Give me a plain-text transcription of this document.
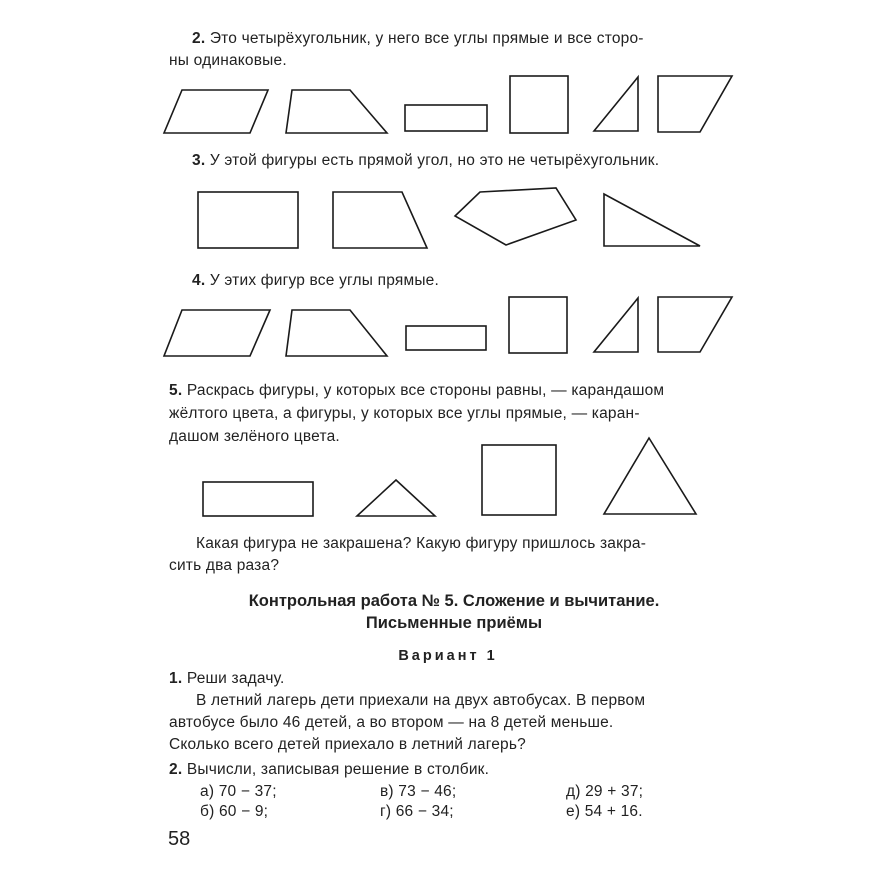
2. Это четырёхугольник, у него все углы прямые и все сторо-
ны одинаковые.
3. У этой фигуры есть прямой угол, но это не четырёхугольник.
4. У этих фигур все углы прямые.
5. Раскрась фигуры, у которых все стороны равны, — карандашом
жёлтого цвета, а фигуры, у которых все углы прямые, — каран-
дашом зелёного цвета.
Какая фигура не закрашена? Какую фигуру пришлось закра-
сить два раза?
Контрольная работа № 5. Сложение и вычитание.
Письменные приёмы
Вариант 1
1. Реши задачу.
В летний лагерь дети приехали на двух автобусах. В первом
автобусе было 46 детей, а во втором — на 8 детей меньше.
Сколько всего детей приехало в летний лагерь?
2. Вычисли, записывая решение в столбик.
а) 70 − 37;	в) 73 − 46;	д) 29 + 37;
б) 60 − 9;	г) 66 − 34;	е) 54 + 16.
58
